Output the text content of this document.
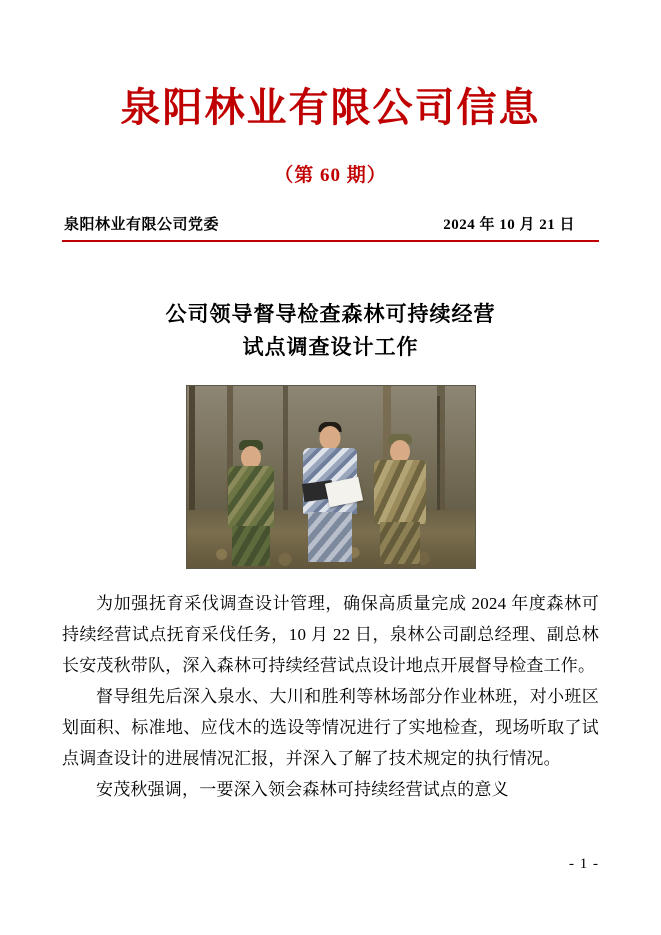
泉阳林业有限公司信息
（第 60 期）
泉阳林业有限公司党委	2024 年 10 月 21 日
公司领导督导检查森林可持续经营
试点调查设计工作

为加强抚育采伐调查设计管理，确保高质量完成 2024 年度森林可持续经营试点抚育采伐任务，10 月 22 日，泉林公司副总经理、副总林长安茂秋带队，深入森林可持续经营试点设计地点开展督导检查工作。

督导组先后深入泉水、大川和胜利等林场部分作业林班，对小班区划面积、标准地、应伐木的选设等情况进行了实地检查，现场听取了试点调查设计的进展情况汇报，并深入了解了技术规定的执行情况。

安茂秋强调，一要深入领会森林可持续经营试点的意义

- 1 -
